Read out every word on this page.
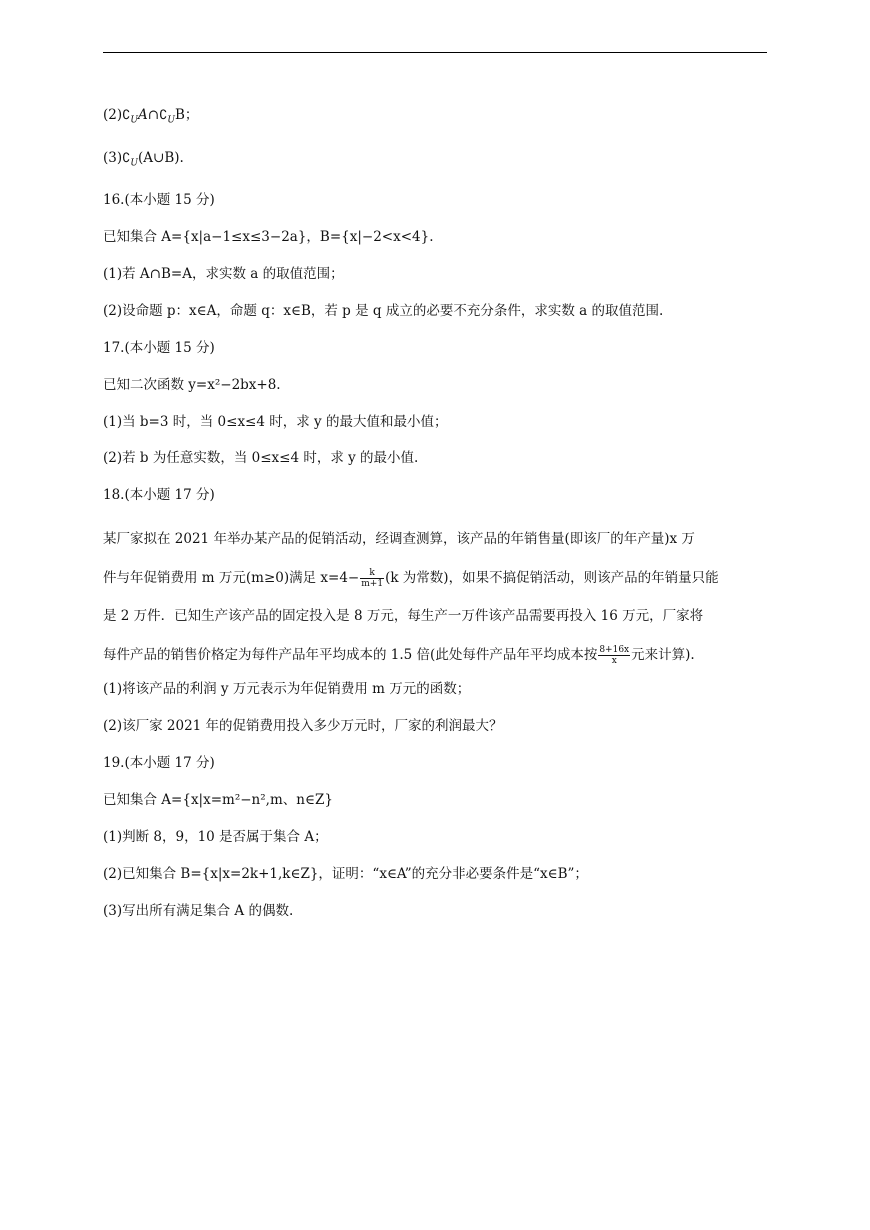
$(2)∁_UA\cap∁_UB$；
$(3)∁_U(A\cup B)$.
16.(本小题 15 分)
已知集合 A={x|a−1≤x≤3−2a}，B={x|−2<x<4}.
(1)若 A∩B=A，求实数 a 的取值范围；
(2)设命题 p：x∈A，命题 q：x∈B，若 p 是 q 成立的必要不充分条件，求实数 a 的取值范围.
17.(本小题 15 分)
已知二次函数 y=x²−2bx+8.
(1)当 b=3 时，当 0≤x≤4 时，求 y 的最大值和最小值；
(2)若 b 为任意实数，当 0≤x≤4 时，求 y 的最小值.
18.(本小题 17 分)
某厂家拟在 2021 年举办某产品的促销活动，经调查测算，该产品的年销售量(即该厂的年产量)x 万
件与年促销费用 m 万元(m≥0)满足 $x=4- \frac{k}{m+1} (k$ 为常数)，如果不搞促销活动，则该产品的年销量只能
是 2 万件．已知生产该产品的固定投入是 8 万元，每生产一万件该产品需要再投入 16 万元，厂家将
每件产品的销售价格定为每件产品年平均成本的 1.5 倍(此处每件产品年平均成本按 $\frac{8+16x}{x}$ 元来计算).
(1)将该产品的利润 y 万元表示为年促销费用 m 万元的函数；
(2)该厂家 2021 年的促销费用投入多少万元时，厂家的利润最大？
19.(本小题 17 分)
已知集合 A={x|x=m²−n²,m、n∈Z}
(1)判断 8，9，10 是否属于集合 A；
(2)已知集合 B={x|x=2k+1,k∈Z}，证明：“x∈A”的充分非必要条件是“x∈B”；
(3)写出所有满足集合 A 的偶数.
